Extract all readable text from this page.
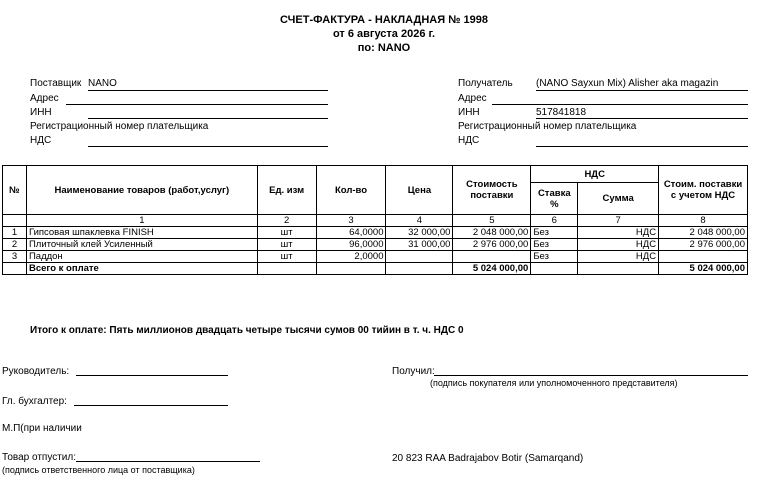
СЧЕТ-ФАКТУРА - НАКЛАДНАЯ № 1998
от 6 августа 2026 г.
по: NANO
Поставщик NANO
Адрес
ИНН
Регистрационный номер плательщика
НДС
Получатель (NANO Sayxun Mix) Alisher aka magazin
Адрес
ИНН	517841818
Регистрационный номер плательщика
НДС
№	Наименование товаров (работ,услуг)	Ед. изм	Кол-во	Цена	Стоимость поставки	НДС		Стоим. поставки с учетом НДС
						Ставка %	Сумма	
	1	2	3	4	5	6	7	8
1	Гипсовая шпаклевка FINISH	шт	64,0000	32 000,00	2 048 000,00	Без	НДС	2 048 000,00
2	Плиточный клей Усиленный	шт	96,0000	31 000,00	2 976 000,00	Без	НДС	2 976 000,00
3	Паддон	шт	2,0000			Без	НДС	
	Всего к оплате				5 024 000,00			5 024 000,00
Итого к оплате: Пять миллионов двадцать четыре тысячи сумов 00 тийин в т. ч. НДС 0
Руководитель:
Гл. бухгалтер:
М.П(при наличии
Товар отпустил:
(подпись ответственного лица от поставщика)
Получил:
(подпись покупателя или уполномоченного представителя)
20 823 RAA Badrajabov Botir (Samarqand)
